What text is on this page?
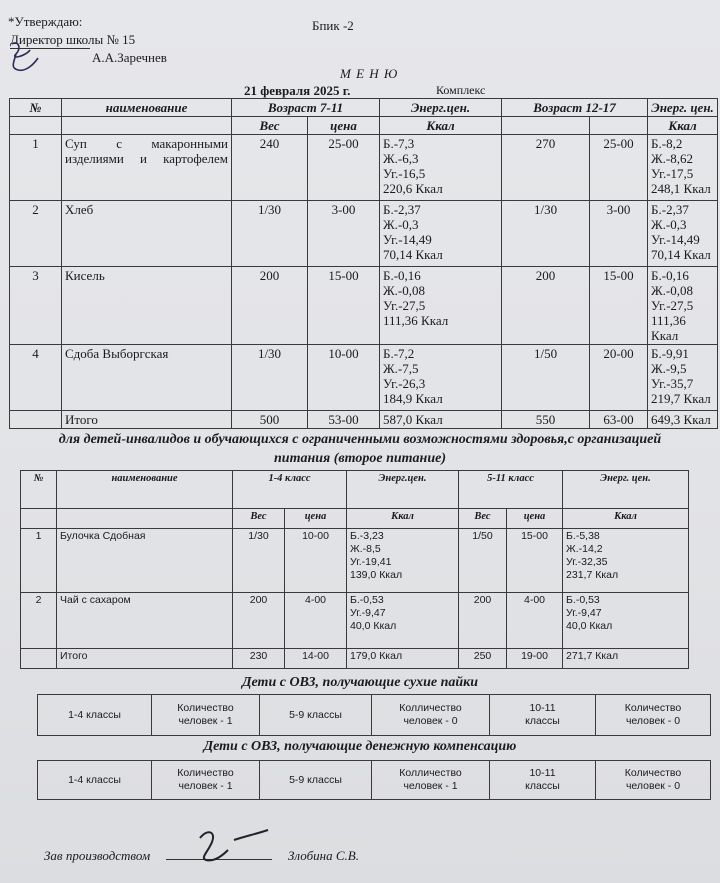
*Утверждаю:
Директор школы № 15
А.А.Заречнев
Бпик -2
М Е Н Ю
21 февраля 2025 г.	Комплекс
№	наименование	Возраст 7-11		Энерг.цен.	Возраст 12-17		Энерг. цен.
		Вес	цена	Ккал			Ккал
1	Суп с макаронными изделиями и картофелем	240	25-00	Б.-7,3
Ж.-6,3
Уг.-16,5
220,6 Ккал	270	25-00	Б.-8,2
Ж.-8,62
Уг.-17,5
248,1 Ккал
2	Хлеб	1/30	3-00	Б.-2,37
Ж.-0,3
Уг.-14,49
70,14 Ккал	1/30	3-00	Б.-2,37
Ж.-0,3
Уг.-14,49
70,14 Ккал
3	Кисель	200	15-00	Б.-0,16
Ж.-0,08
Уг.-27,5
111,36 Ккал	200	15-00	Б.-0,16
Ж.-0,08
Уг.-27,5
111,36 Ккал
4	Сдоба Выборгская	1/30	10-00	Б.-7,2
Ж.-7,5
Уг.-26,3
184,9 Ккал	1/50	20-00	Б.-9,91
Ж.-9,5
Уг.-35,7
219,7 Ккал
	Итого	500	53-00	587,0 Ккал	550	63-00	649,3 Ккал
для детей-инвалидов и обучающихся с ограниченными возможностями здоровья,с организацией
питания (второе питание)
№	наименование	1-4 класс		Энерг.цен.	5-11 класс		Энерг. цен.
		Вес	цена	Ккал	Вес	цена	Ккал
1	Булочка Сдобная	1/30	10-00	Б.-3,23
Ж.-8,5
Уг.-19,41
139,0 Ккал	1/50	15-00	Б.-5,38
Ж.-14,2
Уг.-32,35
231,7 Ккал
2	Чай с сахаром	200	4-00	Б.-0,53
Уг.-9,47
40,0 Ккал	200	4-00	Б.-0,53
Уг.-9,47
40,0 Ккал
	Итого	230	14-00	179,0 Ккал	250	19-00	271,7 Ккал
Дети с ОВЗ, получающие сухие пайки
1-4 классы	Количество
человек - 1	5-9 классы	Колличество
человек - 0	10-11
классы	Количество
человек - 0
Дети с ОВЗ, получающие денежную компенсацию
1-4 классы	Количество
человек - 1	5-9 классы	Колличество
человек - 1	10-11
классы	Количество
человек - 0
Зав производством	Злобина С.В.
